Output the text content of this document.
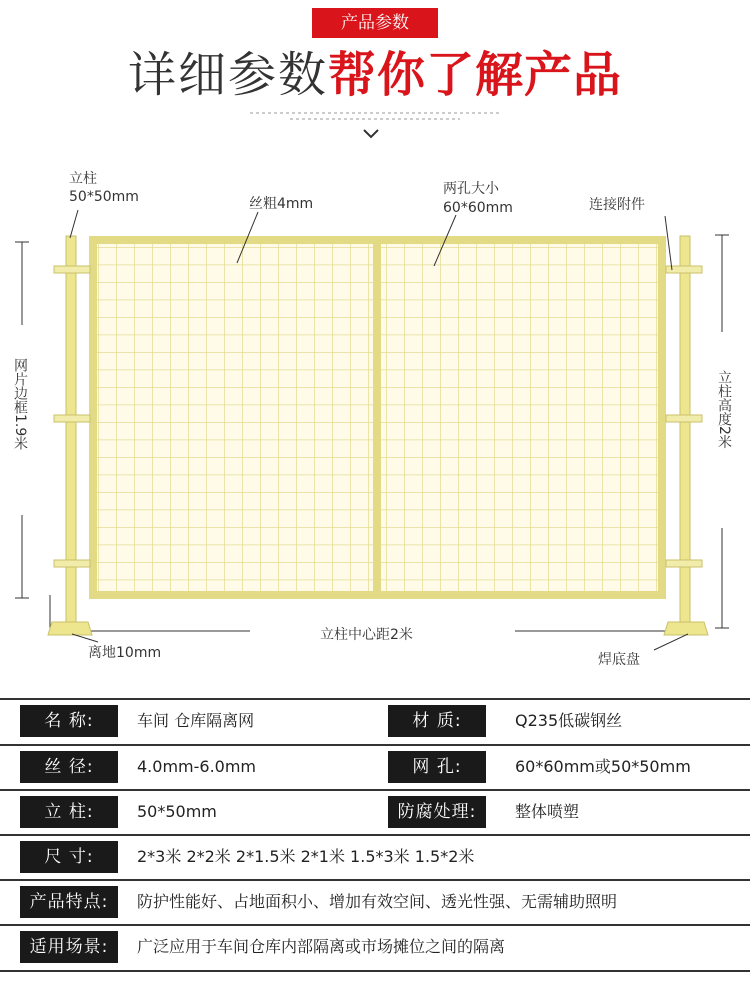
产品参数
详细参数帮你了解产品
立柱
50*50mm	丝粗4mm
两孔大小
60*60mm	连接附件
离地10mm
立柱中心距2米
焊底盘
网片边框1.9米	立柱高度2米
名 称:	车间 仓库隔离网	材 质:	Q235低碳钢丝
丝 径:	4.0mm-6.0mm	网 孔:	60*60mm或50*50mm
立 柱:	50*50mm	防腐处理:	整体喷塑
尺 寸:	2*3米 2*2米 2*1.5米 2*1米 1.5*3米 1.5*2米
产品特点:	防护性能好、占地面积小、增加有效空间、透光性强、无需辅助照明
适用场景:	广泛应用于车间仓库内部隔离或市场摊位之间的隔离
